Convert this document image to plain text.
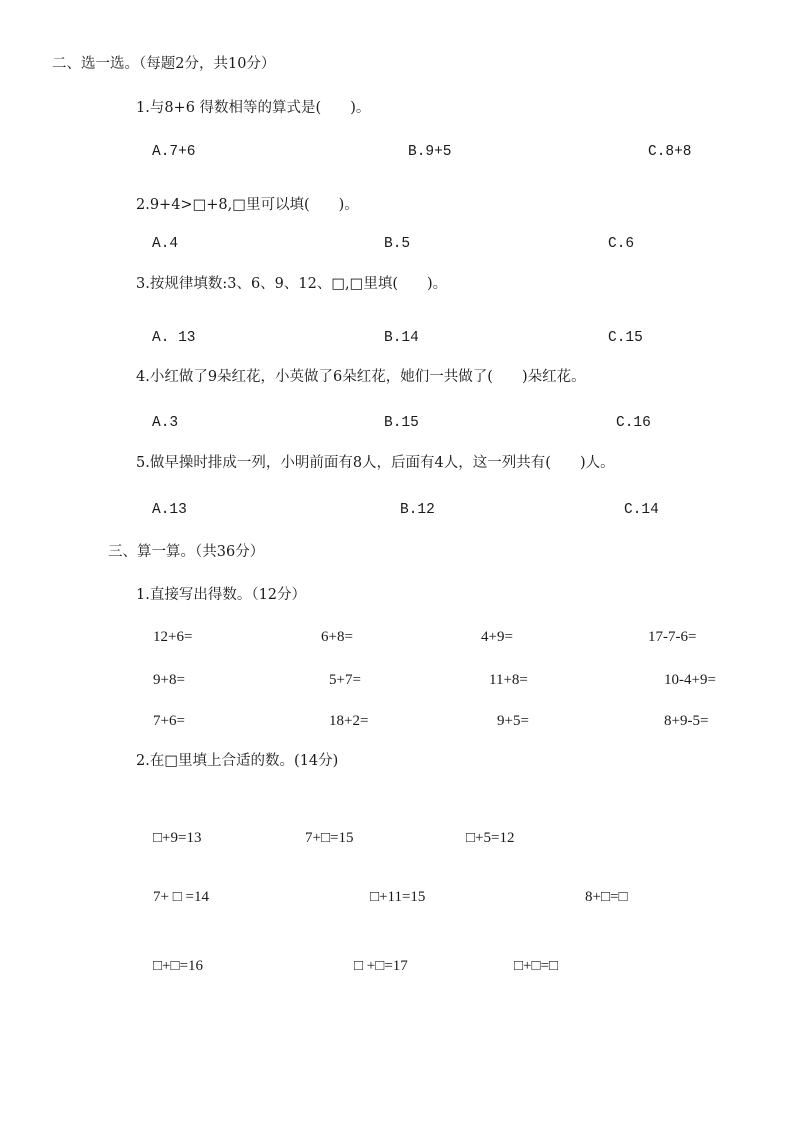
二、选一选。（每题2分，共10分）
1.与8+6 得数相等的算式是(　　)。
A.7+6	B.9+5	C.8+8
2.9+4>□+8,□里可以填(　　)。
A.4	B.5	C.6
3.按规律填数:3、6、9、12、□,□里填(　　)。
A. 13	B.14	C.15
4.小红做了9朵红花，小英做了6朵红花，她们一共做了(　　)朵红花。
A.3	B.15	C.16
5.做早操时排成一列，小明前面有8人，后面有4人，这一列共有(　　)人。
A.13	B.12	C.14
三、算一算。（共36分）
1.直接写出得数。（12分）
12+6=	6+8=	4+9=	17-7-6=
9+8=	5+7=	11+8=	10-4+9=
7+6=	18+2=	9+5=	8+9-5=
2.在□里填上合适的数。(14分)
□+9=13	7+□=15	□+5=12
7+ □ =14	□+11=15	8+□=□
□+□=16	□ +□=17	□+□=□
